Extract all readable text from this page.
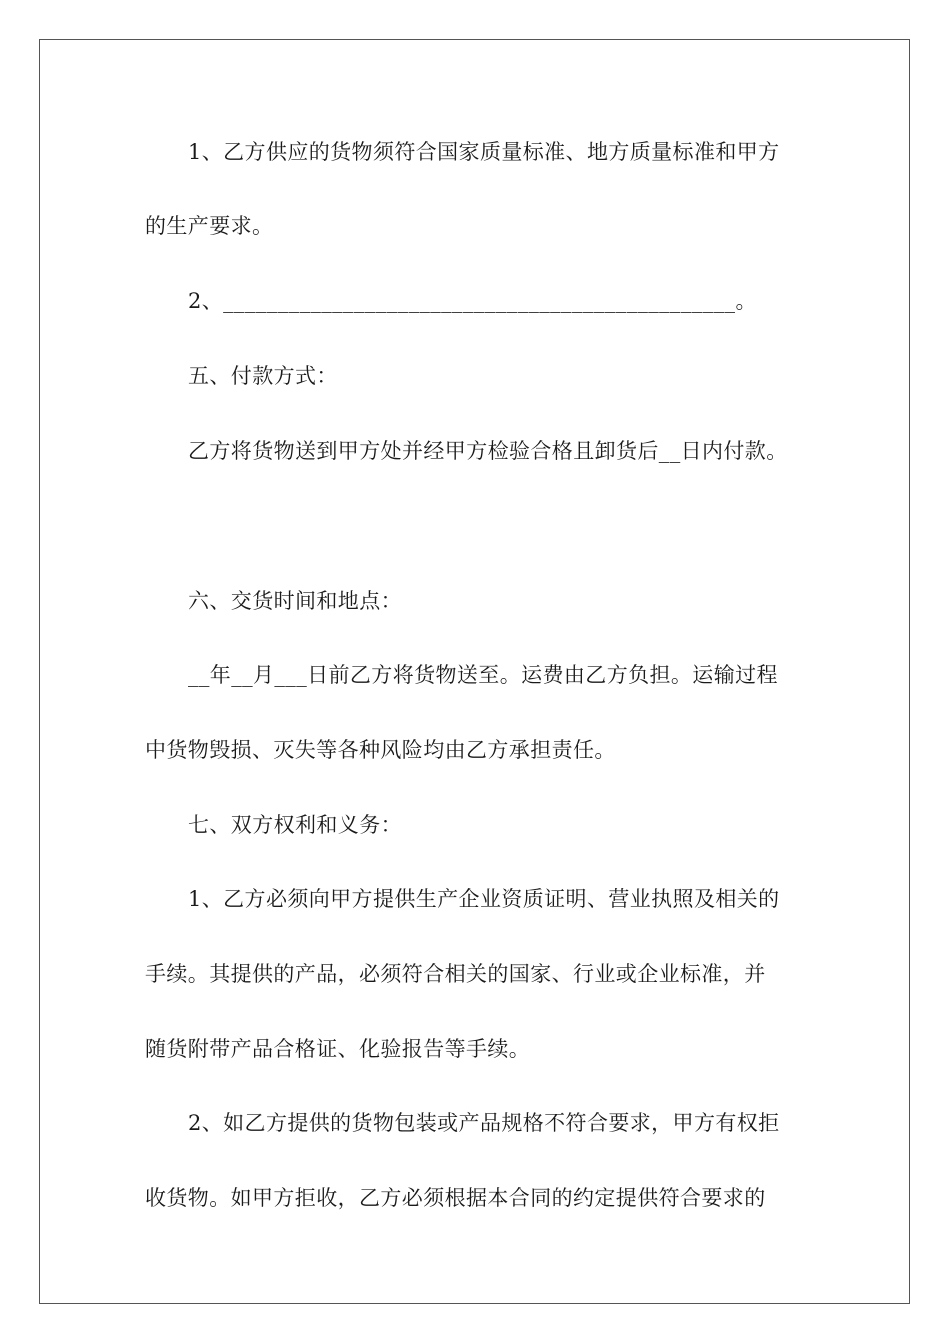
1、乙方供应的货物须符合国家质量标准、地方质量标准和甲方
的生产要求。
2、_______________________________________________。
五、付款方式：
乙方将货物送到甲方处并经甲方检验合格且卸货后__日内付款。
六、交货时间和地点：
__年__月___日前乙方将货物送至。运费由乙方负担。运输过程
中货物毁损、灭失等各种风险均由乙方承担责任。
七、双方权利和义务：
1、乙方必须向甲方提供生产企业资质证明、营业执照及相关的
手续。其提供的产品，必须符合相关的国家、行业或企业标准，并
随货附带产品合格证、化验报告等手续。
2、如乙方提供的货物包装或产品规格不符合要求，甲方有权拒
收货物。如甲方拒收，乙方必须根据本合同的约定提供符合要求的
